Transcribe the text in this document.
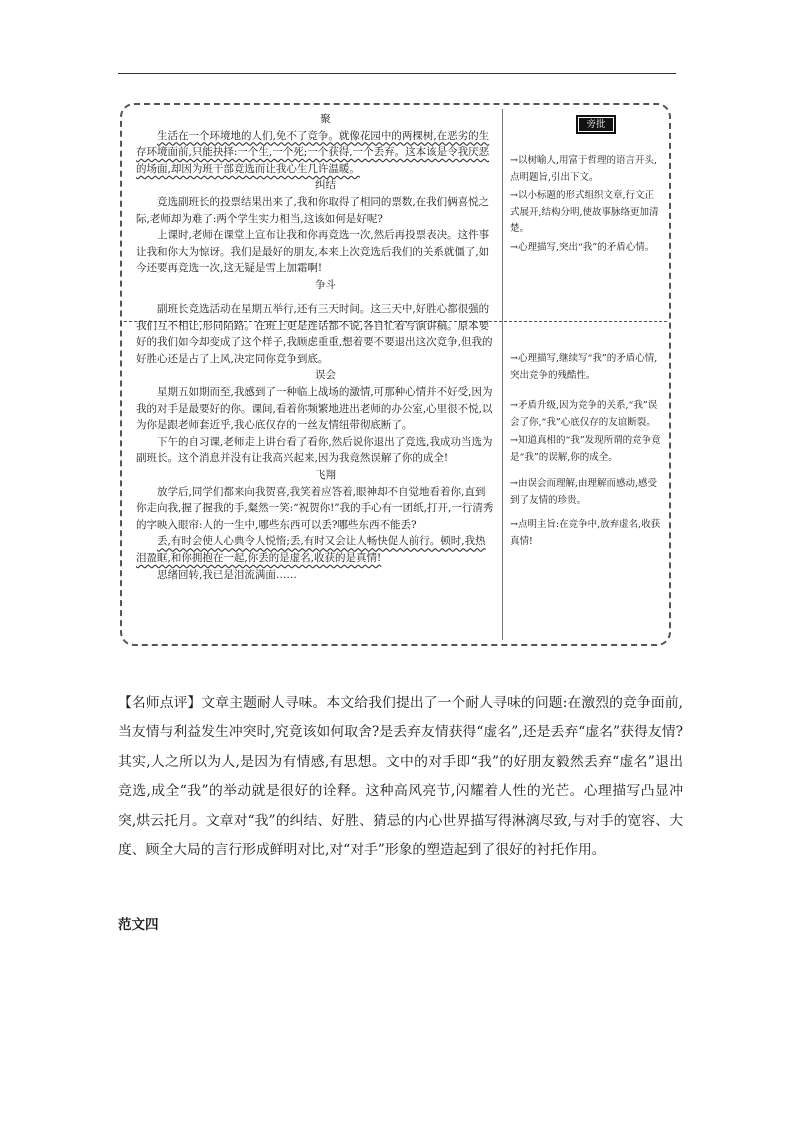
聚

生活在一个环境地的人们,免不了竞争。就像花园中的两棵树,在恶劣的生存环境面前,只能抉择:一个生,一个死;一个获得,一个丢弃。这本该是令我厌恶的场面,却因为班干部竞选而让我心生几许温暖。

纠结

竞选副班长的投票结果出来了,我和你取得了相同的票数,在我们俩喜悦之际,老师却为难了:两个学生实力相当,这该如何是好呢?

上课时,老师在课堂上宣布让我和你再竞选一次,然后再投票表决。这件事让我和你大为惊讶。我们是最好的朋友,本来上次竞选后我们的关系就僵了,如今还要再竞选一次,这无疑是雪上加霜啊!

争斗

副班长竞选活动在星期五举行,还有三天时间。这三天中,好胜心都很强的我们互不相让,形同陌路。在班上更是连话都不说,各自忙着写演讲稿。原本要好的我们如今却变成了这个样子,我顾虑重重,想着要不要退出这次竞争,但我的好胜心还是占了上风,决定同你竞争到底。

误会

星期五如期而至,我感到了一种临上战场的激情,可那种心情并不好受,因为我的对手是最要好的你。课间,看着你频繁地进出老师的办公室,心里很不悦,以为你是跟老师套近乎,我心底仅存的一丝友情纽带彻底断了。

下午的自习课,老师走上讲台看了看你,然后说你退出了竞选,我成功当选为副班长。这个消息并没有让我高兴起来,因为我竟然误解了你的成全!

飞翔

放学后,同学们都来向我贺喜,我笑着应答着,眼神却不自觉地看着你,直到你走向我,握了握我的手,粲然一笑:“祝贺你!”我的手心有一团纸,打开,一行清秀的字映入眼帘:人的一生中,哪些东西可以丢?哪些东西不能丢?

丢,有时会使人心典令人悦惰;丢,有时又会让人畅快促人前行。顿时,我热泪盈眶,和你拥抱在一起,你丢的是虚名,收获的是真情!

思绪回转,我已是泪流满面……

旁批

→以树喻人,用富于哲理的语言开头,点明题旨,引出下文。

→以小标题的形式组织文章,行文正式展开,结构分明,使故事脉络更加清楚。

→心理描写,突出“我”的矛盾心情。

→心理描写,继续写“我”的矛盾心情,突出竞争的残酷性。

→矛盾升级,因为竞争的关系,“我”误会了你,“我”心底仅存的友谊断裂。

→知道真相的“我”发现所谓的竞争竟是“我”的误解,你的成全。

→由误会而理解,由理解而感动,感受到了友情的珍贵。

→点明主旨:在竞争中,放弃虚名,收获真情!

【名师点评】文章主题耐人寻味。本文给我们提出了一个耐人寻味的问题:在激烈的竞争面前,当友情与利益发生冲突时,究竟该如何取舍?是丢弃友情获得“虚名”,还是丢弃“虚名”获得友情?其实,人之所以为人,是因为有情感,有思想。文中的对手即“我”的好朋友毅然丢弃“虚名”退出竞选,成全“我”的举动就是很好的诠释。这种高风亮节,闪耀着人性的光芒。心理描写凸显冲突,烘云托月。文章对“我”的纠结、好胜、猜忌的内心世界描写得淋漓尽致,与对手的宽容、大度、顾全大局的言行形成鲜明对比,对“对手”形象的塑造起到了很好的衬托作用。
范文四
